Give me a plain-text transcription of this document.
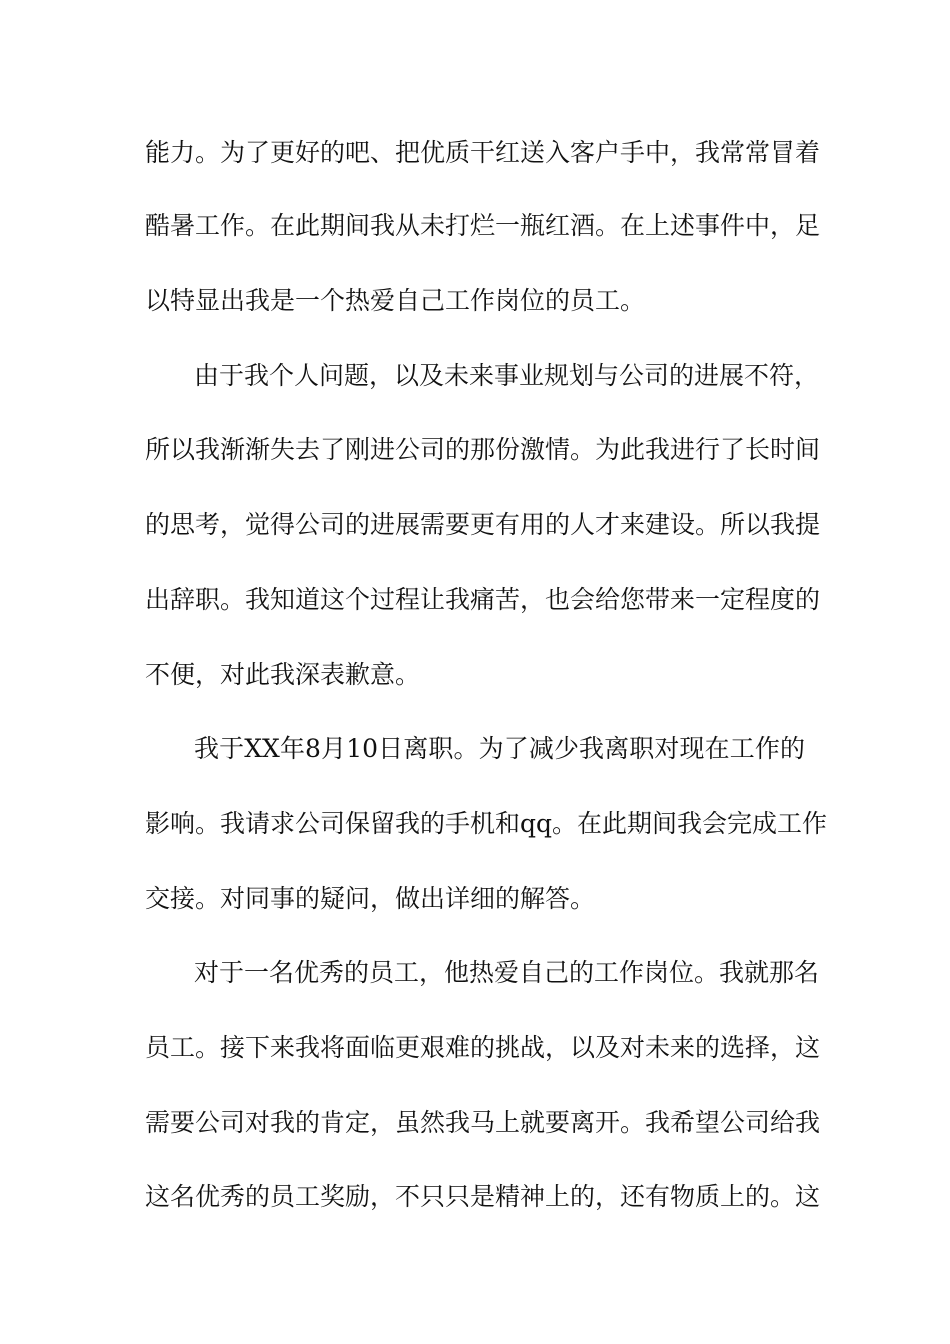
能力。为了更好的吧、把优质干红送入客户手中，我常常冒着
酷暑工作。在此期间我从未打烂一瓶红酒。在上述事件中，足
以特显出我是一个热爱自己工作岗位的员工。
由于我个人问题，以及未来事业规划与公司的进展不符，
所以我渐渐失去了刚进公司的那份激情。为此我进行了长时间
的思考，觉得公司的进展需要更有用的人才来建设。所以我提
出辞职。我知道这个过程让我痛苦，也会给您带来一定程度的
不便，对此我深表歉意。
我于XX年8月10日离职。为了减少我离职对现在工作的
影响。我请求公司保留我的手机和qq。在此期间我会完成工作
交接。对同事的疑问，做出详细的解答。
对于一名优秀的员工，他热爱自己的工作岗位。我就那名
员工。接下来我将面临更艰难的挑战，以及对未来的选择，这
需要公司对我的肯定，虽然我马上就要离开。我希望公司给我
这名优秀的员工奖励，不只只是精神上的，还有物质上的。这
